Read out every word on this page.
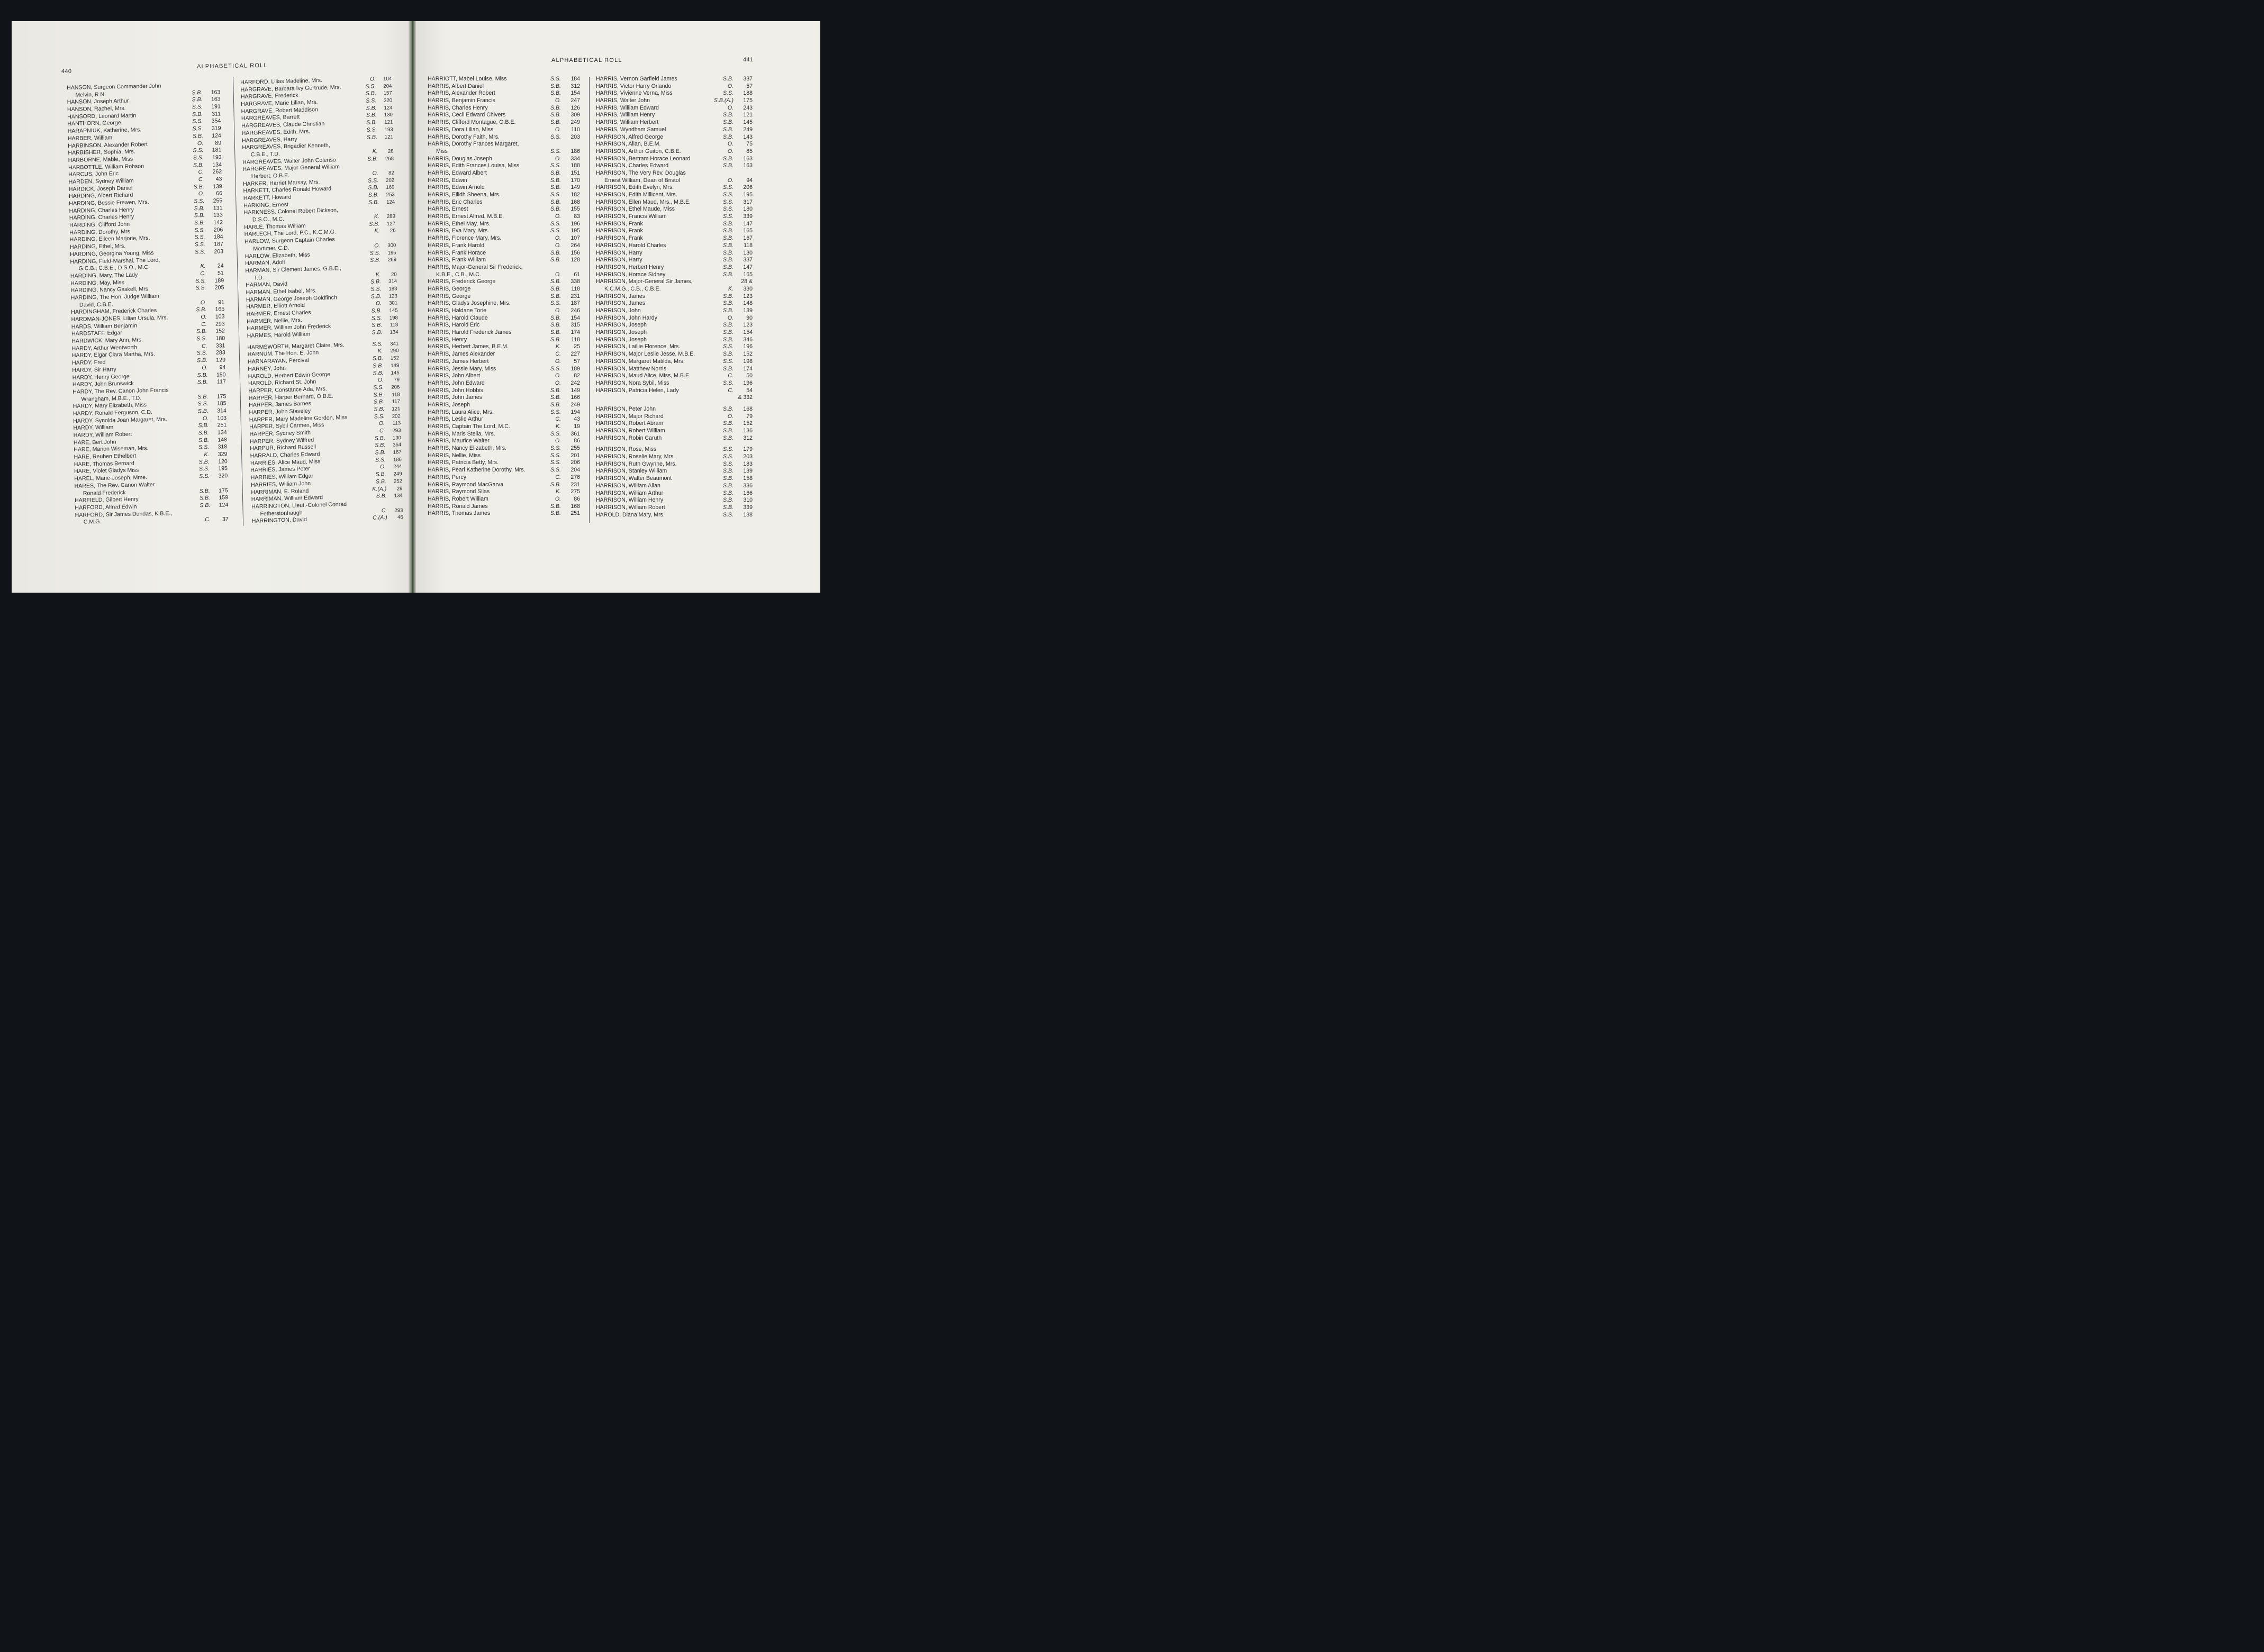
440
ALPHABETICAL ROLL
ALPHABETICAL ROLL	441
HANSON, Surgeon Commander John
Melvin, R.N.	S.B.	163
HANSON, Joseph Arthur	S.B.	163
HANSON, Rachel, Mrs.	S.S.	191
HANSORD, Leonard Martin	S.B.	311
HANTHORN, George	S.S.	354
HARAPNIUK, Katherine, Mrs.	S.S.	319
HARBER, William	S.B.	124
HARBINSON, Alexander Robert	O.	89
HARBISHER, Sophia, Mrs.	S.S.	181
HARBORNE, Mable, Miss	S.S.	193
HARBOTTLE, William Robson	S.B.	134
HARCUS, John Eric	C.	262
HARDEN, Sydney William	C.	43
HARDICK, Joseph Daniel	S.B.	139
HARDING, Albert Richard	O.	66
HARDING, Bessie Frewen, Mrs.	S.S.	255
HARDING, Charles Henry	S.B.	131
HARDING, Charles Henry	S.B.	133
HARDING, Clifford John	S.B.	142
HARDING, Dorothy, Mrs.	S.S.	206
HARDING, Eileen Marjorie, Mrs.	S.S.	184
HARDING, Ethel, Mrs.	S.S.	187
HARDING, Georgina Young, Miss	S.S.	203
HARDING, Field-Marshal, The Lord,
G.C.B., C.B.E., D.S.O., M.C.	K.	24
HARDING, Mary, The Lady	C.	51
HARDING, May, Miss	S.S.	189
HARDING, Nancy Gaskell, Mrs.	S.S.	205
HARDING, The Hon. Judge William
David, C.B.E.	O.	91
HARDINGHAM, Frederick Charles	S.B.	165
HARDMAN-JONES, Lilian Ursula, Mrs.	O.	103
HARDS, William Benjamin	C.	293
HARDSTAFF, Edgar	S.B.	152
HARDWICK, Mary Ann, Mrs.	S.S.	180
HARDY, Arthur Wentworth	C.	331
HARDY, Elgar Clara Martha, Mrs.	S.S.	283
HARDY, Fred	S.B.	129
HARDY, Sir Harry	O.	94
HARDY, Henry George	S.B.	150
HARDY, John Brunswick	S.B.	117
HARDY, The Rev. Canon John Francis
Wrangham, M.B.E., T.D.	S.B.	175
HARDY, Mary Elizabeth, Miss	S.S.	185
HARDY, Ronald Ferguson, C.D.	S.B.	314
HARDY, Synolda Joan Margaret, Mrs.	O.	103
HARDY, William	S.B.	251
HARDY, William Robert	S.B.	134
HARE, Bert John	S.B.	148
HARE, Marion Wiseman, Mrs.	S.S.	318
HARE, Reuben Ethelbert	K.	329
HARE, Thomas Bernard	S.B.	120
HARE, Violet Gladys Miss	S.S.	195
HAREL, Marie-Joseph, Mme.	S.S.	320
HARES, The Rev. Canon Walter
Ronald Frederick	S.B.	175
HARFIELD, Gilbert Henry	S.B.	159
HARFORD, Alfred Edwin	S.B.	124
HARFORD, Sir James Dundas, K.B.E.,
C.M.G.	C.	37
HARFORD, Lilias Madeline, Mrs.	O.	104
HARGRAVE, Barbara Ivy Gertrude, Mrs.	S.S.	204
HARGRAVE, Frederick	S.B.	157
HARGRAVE, Marie Lilian, Mrs.	S.S.	320
HARGRAVE, Robert Maddison	S.B.	124
HARGREAVES, Barrett	S.B.	130
HARGREAVES, Claude Christian	S.B.	121
HARGREAVES, Edith, Mrs.	S.S.	193
HARGREAVES, Harry	S.B.	121
HARGREAVES, Brigadier Kenneth,
C.B.E., T.D.	K.	28
HARGREAVES, Walter John Colenso	S.B.	268
HARGREAVES, Major-General William
Herbert, O.B.E.	O.	82
HARKER, Harriet Marsay, Mrs.	S.S.	202
HARKETT, Charles Ronald Howard	S.B.	169
HARKETT, Howard	S.B.	253
HARKING, Ernest	S.B.	124
HARKNESS, Colonel Robert Dickson,
D.S.O., M.C.	K.	289
HARLE, Thomas William	S.B.	127
HARLECH, The Lord, P.C., K.C.M.G.	K.	26
HARLOW, Surgeon Captain Charles
Mortimer, C.D.	O.	300
HARLOW, Elizabeth, Miss	S.S.	196
HARMAN, Adolf	S.B.	269
HARMAN, Sir Clement James, G.B.E.,
T.D.	K.	20
HARMAN, David	S.B.	314
HARMAN, Ethel Isabel, Mrs.	S.S.	183
HARMAN, George Joseph Goldfinch	S.B.	123
HARMER, Elliott Arnold	O.	301
HARMER, Ernest Charles	S.B.	145
HARMER, Nellie, Mrs.	S.S.	198
HARMER, William John Frederick	S.B.	118
HARMES, Harold William	S.B.	134
HARMSWORTH, Margaret Claire, Mrs.	S.S.	341
HARNUM, The Hon. E. John	K.	290
HARNARAYAN, Percival	S.B.	152
HARNEY, John	S.B.	149
HAROLD, Herbert Edwin George	S.B.	145
HAROLD, Richard St. John	O.	79
HARPER, Constance Ada, Mrs.	S.S.	206
HARPER, Harper Bernard, O.B.E.	S.B.	118
HARPER, James Barnes	S.B.	117
HARPER, John Staveley	S.B.	121
HARPER, Mary Madeline Gordon, Miss	S.S.	202
HARPER, Sybil Carmen, Miss	O.	113
HARPER, Sydney Smith	C.	293
HARPER, Sydney Wilfred	S.B.	130
HARPUR, Richard Russell	S.B.	354
HARRALD, Charles Edward	S.B.	167
HARRIES, Alice Maud, Miss	S.S.	186
HARRIES, James Peter	O.	244
HARRIES, William Edgar	S.B.	249
HARRIES, William John	S.B.	252
HARRIMAN, E. Roland	K.(A.)	29
HARRIMAN, William Edward	S.B.	134
HARRINGTON, Lieut.-Colonel Conrad
Fetherstonhaugh	C.	293
HARRINGTON, David	C.(A.)	46
HARRIOTT, Mabel Louise, Miss	S.S.	184
HARRIS, Albert Daniel	S.B.	312
HARRIS, Alexander Robert	S.B.	154
HARRIS, Benjamin Francis	O.	247
HARRIS, Charles Henry	S.B.	126
HARRIS, Cecil Edward Chivers	S.B.	309
HARRIS, Clifford Montague, O.B.E.	S.B.	249
HARRIS, Dora Lilian, Miss	O.	110
HARRIS, Dorothy Faith, Mrs.	S.S.	203
HARRIS, Dorothy Frances Margaret,
Miss	S.S.	186
HARRIS, Douglas Joseph	O.	334
HARRIS, Edith Frances Louisa, Miss	S.S.	188
HARRIS, Edward Albert	S.B.	151
HARRIS, Edwin	S.B.	170
HARRIS, Edwin Arnold	S.B.	149
HARRIS, Eilidh Sheena, Mrs.	S.S.	182
HARRIS, Eric Charles	S.B.	168
HARRIS, Ernest	S.B.	155
HARRIS, Ernest Alfred, M.B.E.	O.	83
HARRIS, Ethel May, Mrs.	S.S.	196
HARRIS, Eva Mary, Mrs.	S.S.	195
HARRIS, Florence Mary, Mrs.	O.	107
HARRIS, Frank Harold	O.	264
HARRIS, Frank Horace	S.B.	156
HARRIS, Frank William	S.B.	128
HARRIS, Major-General Sir Frederick,
K.B.E., C.B., M.C.	O.	61
HARRIS, Frederick George	S.B.	338
HARRIS, George	S.B.	118
HARRIS, George	S.B.	231
HARRIS, Gladys Josephine, Mrs.	S.S.	187
HARRIS, Haldane Torie	O.	246
HARRIS, Harold Claude	S.B.	154
HARRIS, Harold Eric	S.B.	315
HARRIS, Harold Frederick James	S.B.	174
HARRIS, Henry	S.B.	118
HARRIS, Herbert James, B.E.M.	K.	25
HARRIS, James Alexander	C.	227
HARRIS, James Herbert	O.	57
HARRIS, Jessie Mary, Miss	S.S.	189
HARRIS, John Albert	O.	82
HARRIS, John Edward	O.	242
HARRIS, John Hobbis	S.B.	149
HARRIS, John James	S.B.	166
HARRIS, Joseph	S.B.	249
HARRIS, Laura Alice, Mrs.	S.S.	194
HARRIS, Leslie Arthur	C.	43
HARRIS, Captain The Lord, M.C.	K.	19
HARRIS, Maris Stella, Mrs.	S.S.	361
HARRIS, Maurice Walter	O.	86
HARRIS, Nancy Elizabeth, Mrs.	S.S.	255
HARRIS, Nellie, Miss	S.S.	201
HARRIS, Patricia Betty, Mrs.	S.S.	206
HARRIS, Pearl Katherine Dorothy, Mrs.	S.S.	204
HARRIS, Percy	C.	276
HARRIS, Raymond MacGarva	S.B.	231
HARRIS, Raymond Silas	K.	275
HARRIS, Robert William	O.	86
HARRIS, Ronald James	S.B.	168
HARRIS, Thomas James	S.B.	251
HARRIS, Vernon Garfield James	S.B.	337
HARRIS, Victor Harry Orlando	O.	57
HARRIS, Vivienne Verna, Miss	S.S.	188
HARRIS, Walter John	S.B.(A.)	175
HARRIS, William Edward	O.	243
HARRIS, William Henry	S.B.	121
HARRIS, William Herbert	S.B.	145
HARRIS, Wyndham Samuel	S.B.	249
HARRISON, Alfred George	S.B.	143
HARRISON, Allan, B.E.M.	O.	75
HARRISON, Arthur Guiton, C.B.E.	O.	85
HARRISON, Bertram Horace Leonard	S.B.	163
HARRISON, Charles Edward	S.B.	163
HARRISON, The Very Rev. Douglas
Ernest William, Dean of Bristol	O.	94
HARRISON, Edith Evelyn, Mrs.	S.S.	206
HARRISON, Edith Millicent, Mrs.	S.S.	195
HARRISON, Ellen Maud, Mrs., M.B.E.	S.S.	317
HARRISON, Ethel Maude, Miss	S.S.	180
HARRISON, Francis William	S.S.	339
HARRISON, Frank	S.B.	147
HARRISON, Frank	S.B.	165
HARRISON, Frank	S.B.	167
HARRISON, Harold Charles	S.B.	118
HARRISON, Harry	S.B.	130
HARRISON, Harry	S.B.	337
HARRISON, Herbert Henry	S.B.	147
HARRISON, Horace Sidney	S.B.	165
HARRISON, Major-General Sir James,	28 &
K.C.M.G., C.B., C.B.E.	K.	330
HARRISON, James	S.B.	123
HARRISON, James	S.B.	148
HARRISON, John	S.B.	139
HARRISON, John Hardy	O.	90
HARRISON, Joseph	S.B.	123
HARRISON, Joseph	S.B.	154
HARRISON, Joseph	S.B.	346
HARRISON, Laillie Florence, Mrs.	S.S.	196
HARRISON, Major Leslie Jesse, M.B.E.	S.B.	152
HARRISON, Margaret Matilda, Mrs.	S.S.	198
HARRISON, Matthew Norris	S.B.	174
HARRISON, Maud Alice, Miss, M.B.E.	C.	50
HARRISON, Nora Sybil, Miss	S.S.	196
HARRISON, Patricia Helen, Lady	C.	54
& 332
HARRISON, Peter John	S.B.	168
HARRISON, Major Richard	O.	79
HARRISON, Robert Abram	S.B.	152
HARRISON, Robert William	S.B.	136
HARRISON, Robin Caruth	S.B.	312
HARRISON, Rose, Miss	S.S.	179
HARRISON, Roselie Mary, Mrs.	S.S.	203
HARRISON, Ruth Gwynne, Mrs.	S.S.	183
HARRISON, Stanley William	S.B.	139
HARRISON, Walter Beaumont	S.B.	158
HARRISON, William Allan	S.B.	336
HARRISON, William Arthur	S.B.	166
HARRISON, William Henry	S.B.	310
HARRISON, William Robert	S.B.	339
HAROLD, Diana Mary, Mrs.	S.S.	188
